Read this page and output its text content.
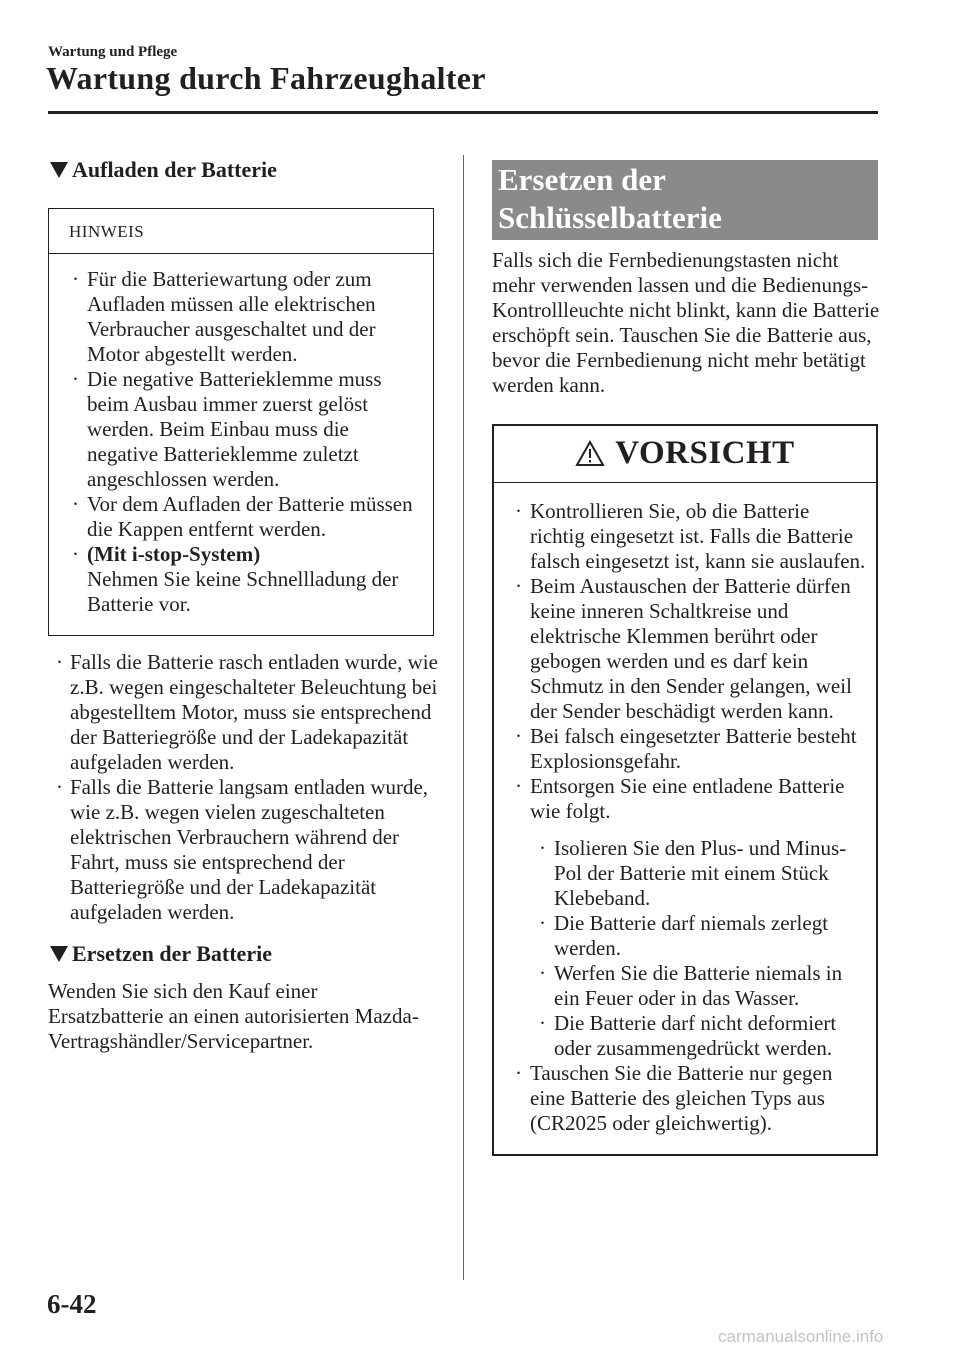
Wartung und Pflege
Wartung durch Fahrzeughalter
Aufladen der Batterie
HINWEIS
· Für die Batteriewartung oder zum Aufladen müssen alle elektrischen Verbraucher ausgeschaltet und der Motor abgestellt werden.
· Die negative Batterieklemme muss beim Ausbau immer zuerst gelöst werden. Beim Einbau muss die negative Batterieklemme zuletzt angeschlossen werden.
· Vor dem Aufladen der Batterie müssen die Kappen entfernt werden.
· (Mit i-stop-System)
Nehmen Sie keine Schnellladung der Batterie vor.
· Falls die Batterie rasch entladen wurde, wie z.B. wegen eingeschalteter Beleuchtung bei abgestelltem Motor, muss sie entsprechend der Batteriegröße und der Ladekapazität aufgeladen werden.
· Falls die Batterie langsam entladen wurde, wie z.B. wegen vielen zugeschalteten elektrischen Verbrauchern während der Fahrt, muss sie entsprechend der Batteriegröße und der Ladekapazität aufgeladen werden.
Ersetzen der Batterie

Wenden Sie sich den Kauf einer Ersatzbatterie an einen autorisierten Mazda-Vertragshändler/Servicepartner.

Ersetzen der
Schlüsselbatterie

Falls sich die Fernbedienungstasten nicht mehr verwenden lassen und die Bedienungs-Kontrollleuchte nicht blinkt, kann die Batterie erschöpft sein. Tauschen Sie die Batterie aus, bevor die Fernbedienung nicht mehr betätigt werden kann.

VORSICHT
· Kontrollieren Sie, ob die Batterie richtig eingesetzt ist. Falls die Batterie falsch eingesetzt ist, kann sie auslaufen.
· Beim Austauschen der Batterie dürfen keine inneren Schaltkreise und elektrische Klemmen berührt oder gebogen werden und es darf kein Schmutz in den Sender gelangen, weil der Sender beschädigt werden kann.
· Bei falsch eingesetzter Batterie besteht Explosionsgefahr.
· Entsorgen Sie eine entladene Batterie wie folgt.
· Isolieren Sie den Plus- und Minus-Pol der Batterie mit einem Stück Klebeband.
· Die Batterie darf niemals zerlegt werden.
· Werfen Sie die Batterie niemals in ein Feuer oder in das Wasser.
· Die Batterie darf nicht deformiert oder zusammengedrückt werden.
· Tauschen Sie die Batterie nur gegen eine Batterie des gleichen Typs aus (CR2025 oder gleichwertig).
6-42
carmanualsonline.info
